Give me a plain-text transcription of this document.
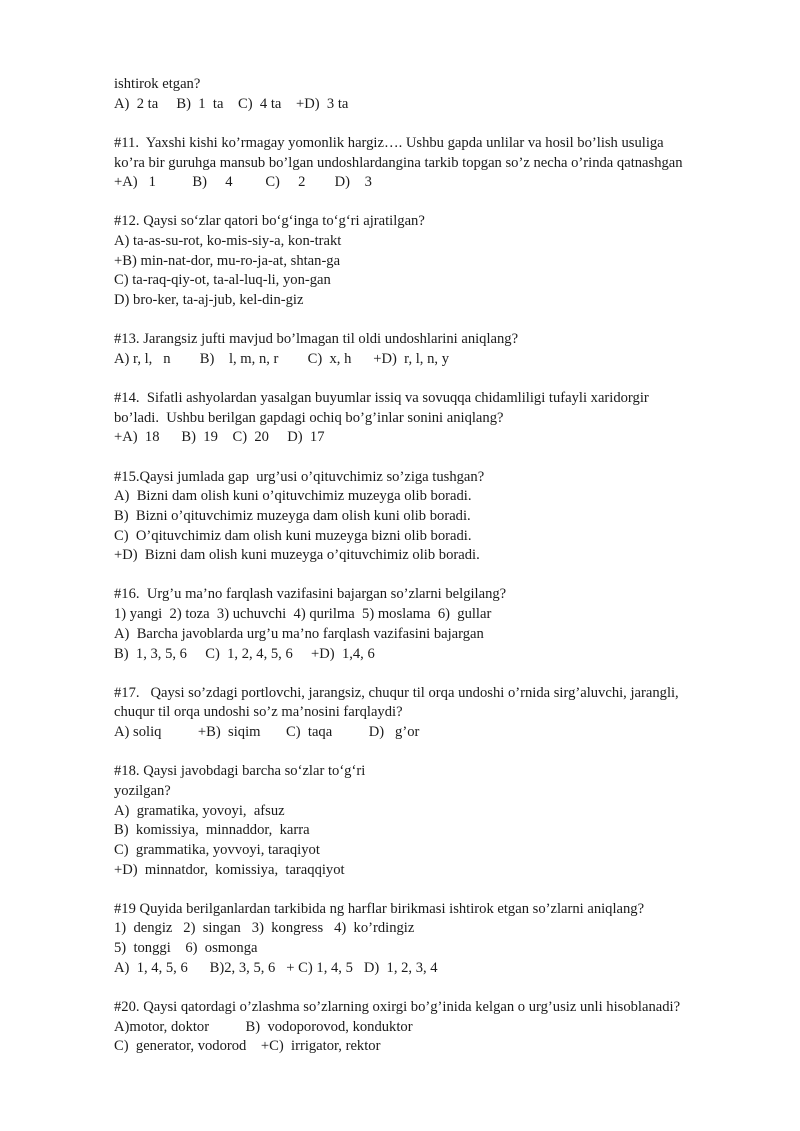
ishtirok etgan?
A)  2 ta     B)  1  ta    C)  4 ta    +D)  3 ta
#11.  Yaxshi kishi ko’rmagay yomonlik hargiz…. Ushbu gapda unlilar va hosil bo’lish usuliga
ko’ra bir guruhga mansub bo’lgan undoshlardangina tarkib topgan so’z necha o’rinda qatnashgan
+A)   1          B)     4         C)     2        D)    3
#12. Qaysi so‘zlar qatori bo‘g‘inga to‘g‘ri ajratilgan?
A) ta-as-su-rot, ko-mis-siy-a, kon-trakt
+B) min-nat-dor, mu-ro-ja-at, shtan-ga
C) ta-raq-qiy-ot, ta-al-luq-li, yon-gan
D) bro-ker, ta-aj-jub, kel-din-giz
#13. Jarangsiz jufti mavjud bo’lmagan til oldi undoshlarini aniqlang?
A) r, l,   n        B)    l, m, n, r        C)  x, h      +D)  r, l, n, y
#14.  Sifatli ashyolardan yasalgan buyumlar issiq va sovuqqa chidamliligi tufayli xaridorgir
bo’ladi.  Ushbu berilgan gapdagi ochiq bo’g’inlar sonini aniqlang?
+A)  18      B)  19    C)  20     D)  17
#15.Qaysi jumlada gap  urg’usi o’qituvchimiz so’ziga tushgan?
A)  Bizni dam olish kuni o’qituvchimiz muzeyga olib boradi.
B)  Bizni o’qituvchimiz muzeyga dam olish kuni olib boradi.
C)  O’qituvchimiz dam olish kuni muzeyga bizni olib boradi.
+D)  Bizni dam olish kuni muzeyga o’qituvchimiz olib boradi.
#16.  Urg’u ma’no farqlash vazifasini bajargan so’zlarni belgilang?
1) yangi  2) toza  3) uchuvchi  4) qurilma  5) moslama  6)  gullar
A)  Barcha javoblarda urg’u ma’no farqlash vazifasini bajargan
B)  1, 3, 5, 6     C)  1, 2, 4, 5, 6     +D)  1,4, 6
#17.   Qaysi so’zdagi portlovchi, jarangsiz, chuqur til orqa undoshi o’rnida sirg’aluvchi, jarangli,
chuqur til orqa undoshi so’z ma’nosini farqlaydi?
A) soliq          +B)  siqim       C)  taqa          D)   g’or
#18. Qaysi javobdagi barcha so‘zlar to‘g‘ri
yozilgan?
A)  gramatika, yovoyi,  afsuz
B)  komissiya,  minnaddor,  karra
C)  grammatika, yovvoyi, taraqiyot
+D)  minnatdor,  komissiya,  taraqqiyot
#19 Quyida berilganlardan tarkibida ng harflar birikmasi ishtirok etgan so’zlarni aniqlang?
1)  dengiz   2)  singan   3)  kongress   4)  ko’rdingiz
5)  tonggi    6)  osmonga
A)  1, 4, 5, 6      B)2, 3, 5, 6   + C) 1, 4, 5   D)  1, 2, 3, 4
#20. Qaysi qatordagi o’zlashma so’zlarning oxirgi bo’g’inida kelgan o urg’usiz unli hisoblanadi?
A)motor, doktor          B)  vodoporovod, konduktor
C)  generator, vodorod    +C)  irrigator, rektor
